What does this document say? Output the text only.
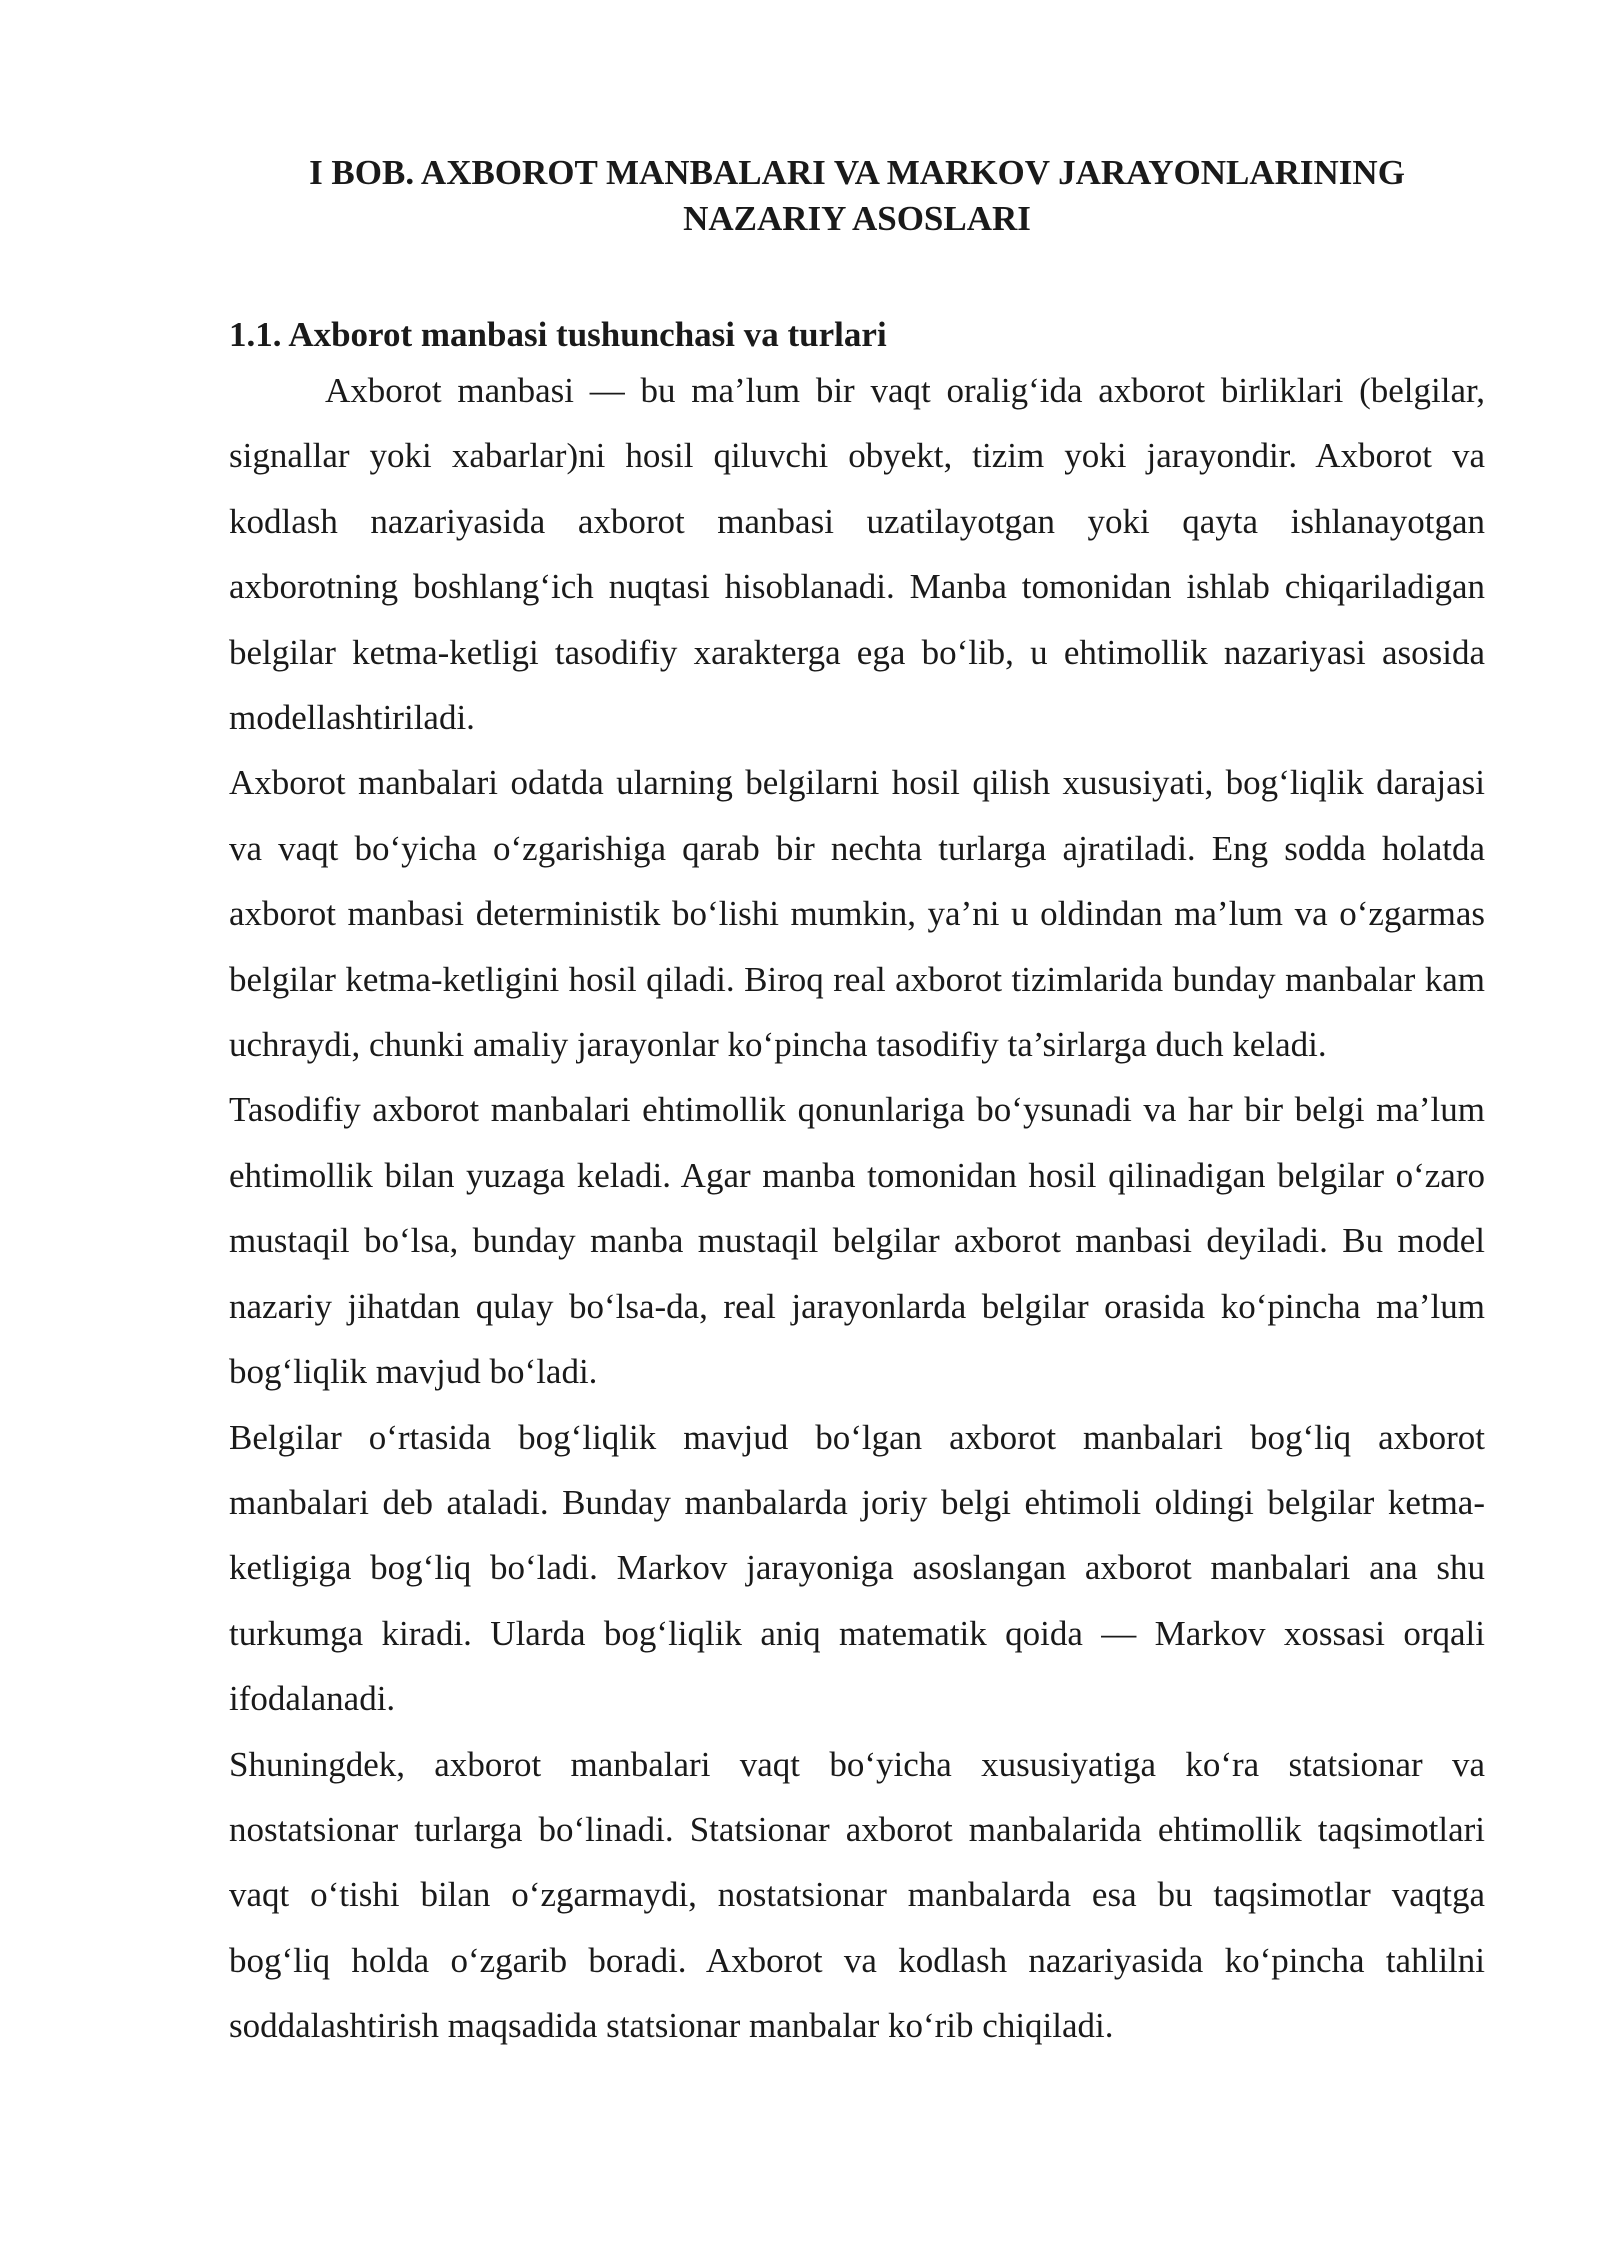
I BOB. AXBOROT MANBALARI VA MARKOV JARAYONLARINING NAZARIY ASOSLARI
1.1. Axborot manbasi tushunchasi va turlari

Axborot manbasi — bu ma’lum bir vaqt oralig‘ida axborot birliklari (belgilar, signallar yoki xabarlar)ni hosil qiluvchi obyekt, tizim yoki jarayondir. Axborot va kodlash nazariyasida axborot manbasi uzatilayotgan yoki qayta ishlanayotgan axborotning boshlang‘ich nuqtasi hisoblanadi. Manba tomonidan ishlab chiqariladigan belgilar ketma-ketligi tasodifiy xarakterga ega bo‘lib, u ehtimollik nazariyasi asosida modellashtiriladi.

Axborot manbalari odatda ularning belgilarni hosil qilish xususiyati, bog‘liqlik darajasi va vaqt bo‘yicha o‘zgarishiga qarab bir nechta turlarga ajratiladi. Eng sodda holatda axborot manbasi deterministik bo‘lishi mumkin, ya’ni u oldindan ma’lum va o‘zgarmas belgilar ketma-ketligini hosil qiladi. Biroq real axborot tizimlarida bunday manbalar kam uchraydi, chunki amaliy jarayonlar ko‘pincha tasodifiy ta’sirlarga duch keladi.

Tasodifiy axborot manbalari ehtimollik qonunlariga bo‘ysunadi va har bir belgi ma’lum ehtimollik bilan yuzaga keladi. Agar manba tomonidan hosil qilinadigan belgilar o‘zaro mustaqil bo‘lsa, bunday manba mustaqil belgilar axborot manbasi deyiladi. Bu model nazariy jihatdan qulay bo‘lsa-da, real jarayonlarda belgilar orasida ko‘pincha ma’lum bog‘liqlik mavjud bo‘ladi.

Belgilar o‘rtasida bog‘liqlik mavjud bo‘lgan axborot manbalari bog‘liq axborot manbalari deb ataladi. Bunday manbalarda joriy belgi ehtimoli oldingi belgilar ketma-ketligiga bog‘liq bo‘ladi. Markov jarayoniga asoslangan axborot manbalari ana shu turkumga kiradi. Ularda bog‘liqlik aniq matematik qoida — Markov xossasi orqali ifodalanadi.

Shuningdek, axborot manbalari vaqt bo‘yicha xususiyatiga ko‘ra statsionar va nostatsionar turlarga bo‘linadi. Statsionar axborot manbalarida ehtimollik taqsimotlari vaqt o‘tishi bilan o‘zgarmaydi, nostatsionar manbalarda esa bu taqsimotlar vaqtga bog‘liq holda o‘zgarib boradi. Axborot va kodlash nazariyasida ko‘pincha tahlilni soddalashtirish maqsadida statsionar manbalar ko‘rib chiqiladi.
